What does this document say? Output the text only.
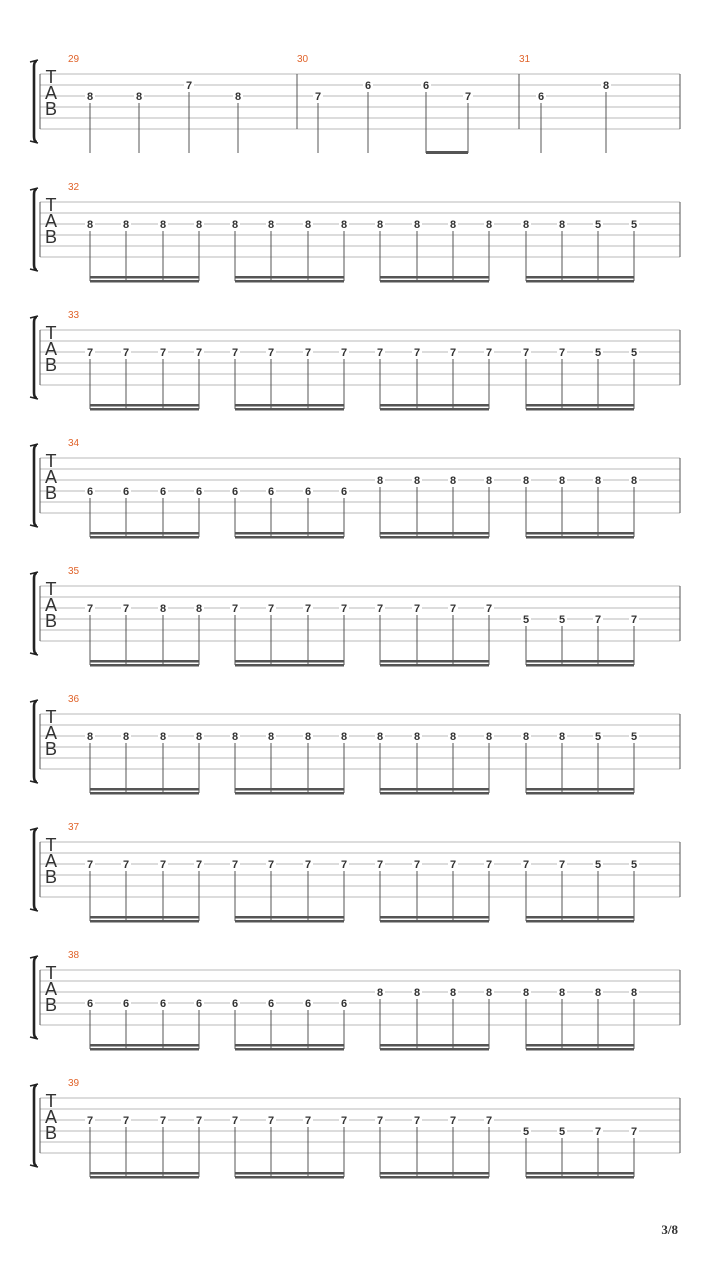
T
A
B
29
8	8
7
8
30
7
6	6
7
31
6
8
T
A
B
32
8	8	8	8	8	8	8	8	8	8	8	8	8	8	5	5
T
A
B
33
7	7	7	7	7	7	7	7	7	7	7	7	7	7	5	5
T
A
B
34
6	6	6	6	6	6	6	6
8	8	8	8	8	8	8	8
T
A
B
35
7	7	8	8	7	7	7	7	7	7	7	7
5	5	7	7
T
A
B
36
8	8	8	8	8	8	8	8	8	8	8	8	8	8	5	5
T
A
B
37
7	7	7	7	7	7	7	7	7	7	7	7	7	7	5	5
T
A
B
38
6	6	6	6	6	6	6	6
8	8	8	8	8	8	8	8
T
A
B
39
7	7	7	7	7	7	7	7	7	7	7	7
5	5	7	7
3/8
